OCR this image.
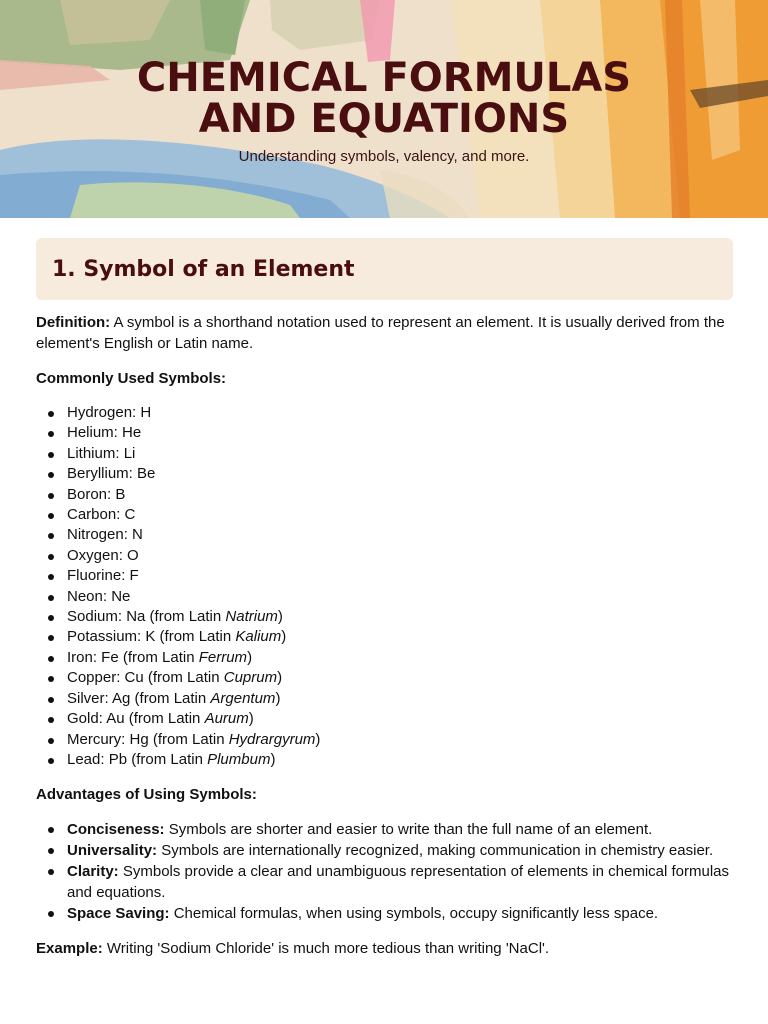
CHEMICAL FORMULAS
AND EQUATIONS

Understanding symbols, valency, and more.

1. Symbol of an Element

Definition: A symbol is a shorthand notation used to represent an element. It is usually derived from the element's English or Latin name.

Commonly Used Symbols:

Hydrogen: H
Helium: He
Lithium: Li
Beryllium: Be
Boron: B
Carbon: C
Nitrogen: N
Oxygen: O
Fluorine: F
Neon: Ne
Sodium: Na (from Latin Natrium)
Potassium: K (from Latin Kalium)
Iron: Fe (from Latin Ferrum)
Copper: Cu (from Latin Cuprum)
Silver: Ag (from Latin Argentum)
Gold: Au (from Latin Aurum)
Mercury: Hg (from Latin Hydrargyrum)
Lead: Pb (from Latin Plumbum)

Advantages of Using Symbols:

Conciseness: Symbols are shorter and easier to write than the full name of an element.
Universality: Symbols are internationally recognized, making communication in chemistry easier.
Clarity: Symbols provide a clear and unambiguous representation of elements in chemical formulas and equations.
Space Saving: Chemical formulas, when using symbols, occupy significantly less space.

Example: Writing 'Sodium Chloride' is much more tedious than writing 'NaCl'.
